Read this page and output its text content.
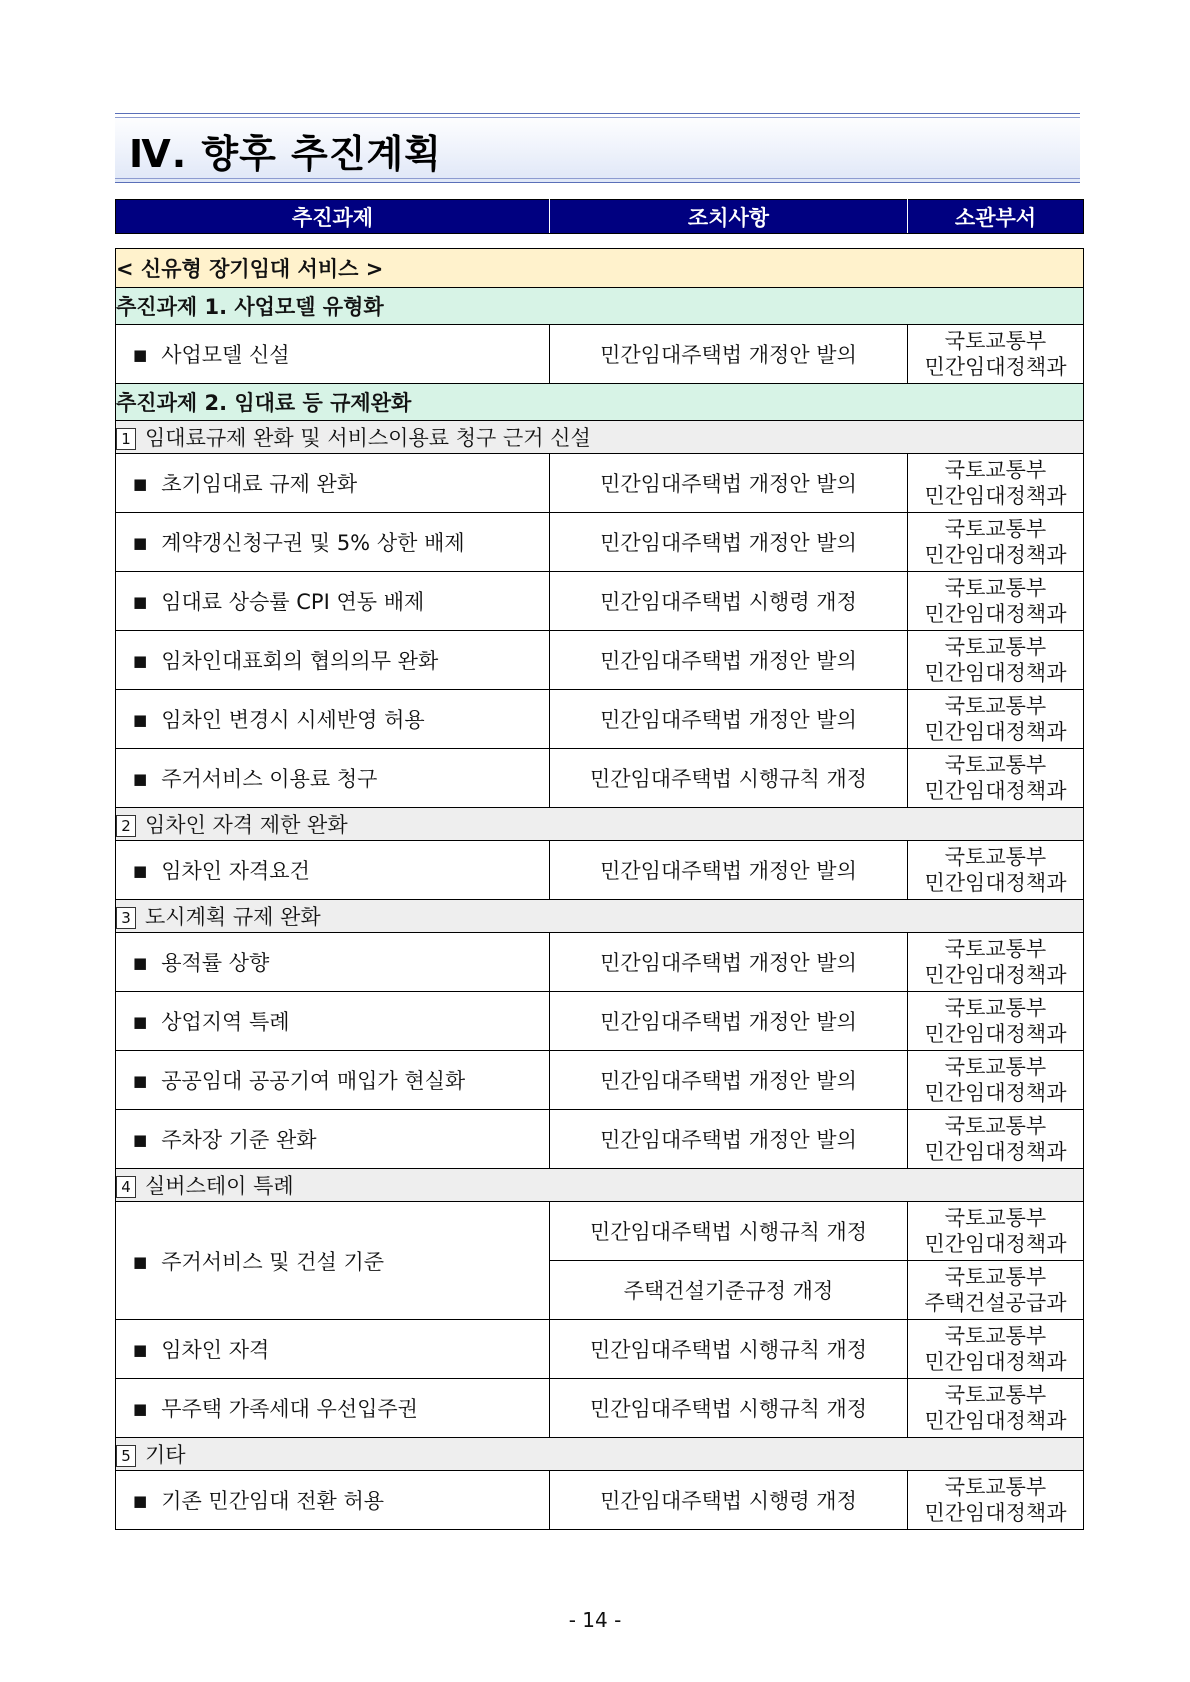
Ⅳ. 향후 추진계획
추진과제	조치사항	소관부서

< 신유형 장기임대 서비스 >		
추진과제 1. 사업모델 유형화		
■ 사업모델 신설	민간임대주택법 개정안 발의	국토교통부
민간임대정책과
추진과제 2. 임대료 등 규제완화		
1 임대료규제 완화 및 서비스이용료 청구 근거 신설		
■ 초기임대료 규제 완화	민간임대주택법 개정안 발의	국토교통부
민간임대정책과
■ 계약갱신청구권 및 5% 상한 배제	민간임대주택법 개정안 발의	국토교통부
민간임대정책과
■ 임대료 상승률 CPI 연동 배제	민간임대주택법 시행령 개정	국토교통부
민간임대정책과
■ 임차인대표회의 협의의무 완화	민간임대주택법 개정안 발의	국토교통부
민간임대정책과
■ 임차인 변경시 시세반영 허용	민간임대주택법 개정안 발의	국토교통부
민간임대정책과
■ 주거서비스 이용료 청구	민간임대주택법 시행규칙 개정	국토교통부
민간임대정책과
2 임차인 자격 제한 완화		
■ 임차인 자격요건	민간임대주택법 개정안 발의	국토교통부
민간임대정책과
3 도시계획 규제 완화		
■ 용적률 상향	민간임대주택법 개정안 발의	국토교통부
민간임대정책과
■ 상업지역 특례	민간임대주택법 개정안 발의	국토교통부
민간임대정책과
■ 공공임대 공공기여 매입가 현실화	민간임대주택법 개정안 발의	국토교통부
민간임대정책과
■ 주차장 기준 완화	민간임대주택법 개정안 발의	국토교통부
민간임대정책과
4 실버스테이 특례		
■ 주거서비스 및 건설 기준	민간임대주택법 시행규칙 개정	국토교통부
민간임대정책과
	주택건설기준규정 개정	국토교통부
주택건설공급과
■ 임차인 자격	민간임대주택법 시행규칙 개정	국토교통부
민간임대정책과
■ 무주택 가족세대 우선입주권	민간임대주택법 시행규칙 개정	국토교통부
민간임대정책과
5 기타		
■ 기존 민간임대 전환 허용	민간임대주택법 시행령 개정	국토교통부
민간임대정책과
- 14 -
